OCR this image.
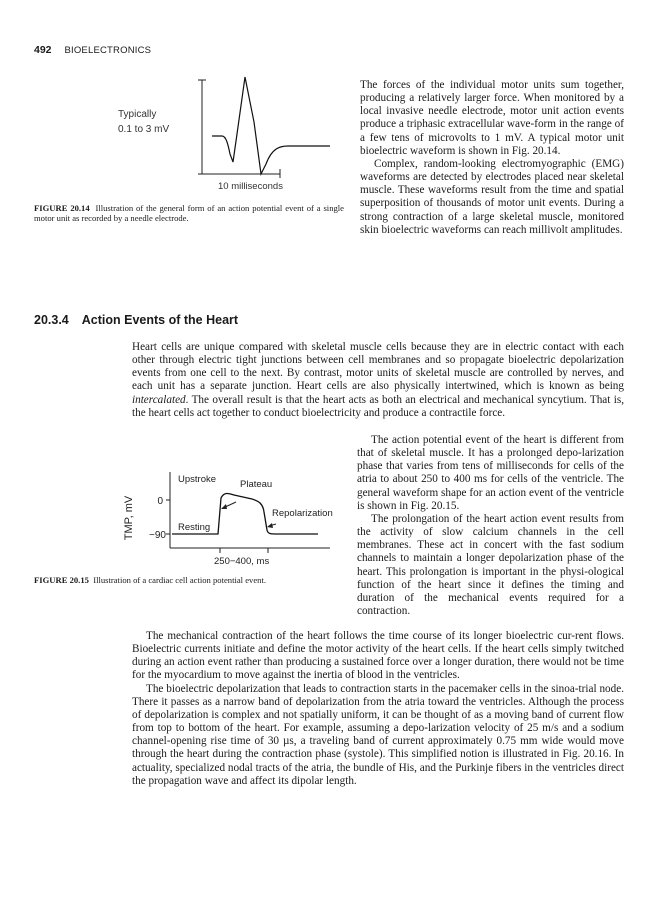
492 BIOELECTRONICS
Typically
0.1 to 3 mV
10 milliseconds
FIGURE 20.14 Illustration of the general form of an action potential event of a single motor unit as recorded by a needle electrode.

The forces of the individual motor units sum together, producing a relatively larger force. When monitored by a local invasive needle electrode, motor unit action events produce a triphasic extracellular wave-form in the range of a few tens of microvolts to 1 mV. A typical motor unit bioelectric waveform is shown in Fig. 20.14.

Complex, random-looking electromyographic (EMG) waveforms are detected by electrodes placed near skeletal muscle. These waveforms result from the time and spatial superposition of thousands of motor unit events. During a strong contraction of a large skeletal muscle, monitored skin bioelectric waveforms can reach millivolt amplitudes.

20.3.4 Action Events of the Heart

Heart cells are unique compared with skeletal muscle cells because they are in electric contact with each other through electric tight junctions between cell membranes and so propagate bioelectric depolarization events from one cell to the next. By contrast, motor units of skeletal muscle are controlled by nerves, and each unit has a separate junction. Heart cells are also physically intertwined, which is known as being intercalated. The overall result is that the heart acts as both an electrical and mechanical syncytium. That is, the heart cells act together to conduct bioelectricity and produce a contractile force.

TMP, mV 0
−90
Upstroke	Plateau
Repolarization
Resting
250−400, ms
FIGURE 20.15 Illustration of a cardiac cell action potential event.

The action potential event of the heart is different from that of skeletal muscle. It has a prolonged depo-larization phase that varies from tens of milliseconds for cells of the atria to about 250 to 400 ms for cells of the ventricle. The general waveform shape for an action event of the ventricle is shown in Fig. 20.15.

The prolongation of the heart action event results from the activity of slow calcium channels in the cell membranes. These act in concert with the fast sodium channels to maintain a longer depolarization phase of the heart. This prolongation is important in the physi-ological function of the heart since it defines the timing and duration of the mechanical events required for a contraction.

The mechanical contraction of the heart follows the time course of its longer bioelectric cur-rent flows. Bioelectric currents initiate and define the motor activity of the heart cells. If the heart cells simply twitched during an action event rather than producing a sustained force over a longer duration, there would not be time for the myocardium to move against the inertia of blood in the ventricles.

The bioelectric depolarization that leads to contraction starts in the pacemaker cells in the sinoa-trial node. There it passes as a narrow band of depolarization from the atria toward the ventricles. Although the process of depolarization is complex and not spatially uniform, it can be thought of as a moving band of current flow from top to bottom of the heart. For example, assuming a depo-larization velocity of 25 m/s and a sodium channel-opening rise time of 30 µs, a traveling band of current approximately 0.75 mm wide would move through the heart during the contraction phase (systole). This simplified notion is illustrated in Fig. 20.16. In actuality, specialized nodal tracts of the atria, the bundle of His, and the Purkinje fibers in the ventricles direct the propagation wave and affect its dipolar length.
